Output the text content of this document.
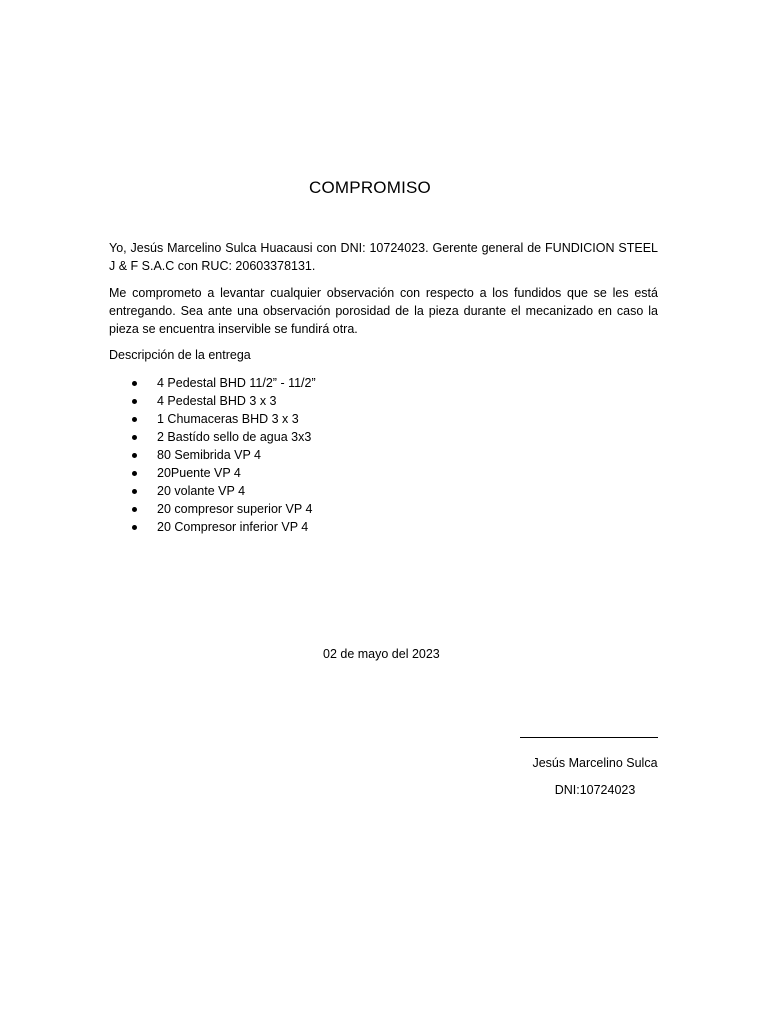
COMPROMISO
Yo, Jesús Marcelino Sulca Huacausi con DNI: 10724023. Gerente general de FUNDICION STEEL J & F S.A.C con RUC: 20603378131.
Me comprometo a levantar cualquier observación con respecto a los fundidos que se les está entregando. Sea ante una observación porosidad de la pieza durante el mecanizado en caso la pieza se encuentra inservible se fundirá otra.
Descripción de la entrega
4 Pedestal BHD 11/2” - 11/2”
4 Pedestal BHD 3 x 3
1 Chumaceras BHD 3 x 3
2 Bastído sello de agua 3x3
80 Semibrida VP 4
20Puente VP 4
20 volante VP 4
20 compresor superior VP 4
20 Compresor inferior VP 4
02 de mayo del 2023
Jesús Marcelino Sulca
DNI:10724023
